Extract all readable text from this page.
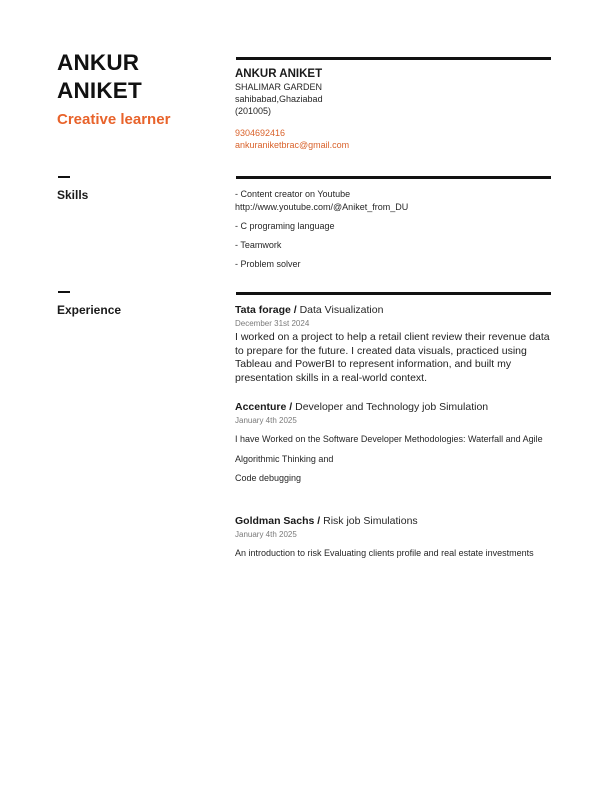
ANKUR
ANIKET
Creative learner
ANKUR ANIKET
SHALIMAR GARDEN
sahibabad,Ghaziabad
(201005)
9304692416
ankuraniketbrac@gmail.com
Skills	- Content creator on Youtube
http://www.youtube.com/@Aniket_from_DU
- C programing language
- Teamwork
- Problem solver
Experience	Tata forage / Data Visualization
December 31st 2024
I worked on a project to help a retail client review their revenue data to prepare for the future. I created data visuals, practiced using Tableau and PowerBI to represent information, and built my presentation skills in a real-world context.
Accenture / Developer and Technology job Simulation
January 4th 2025
I have Worked on the Software Developer Methodologies: Waterfall and Agile
Algorithmic Thinking and
Code debugging
Goldman Sachs / Risk job Simulations
January 4th 2025
An introduction to risk Evaluating clients profile and real estate investments
